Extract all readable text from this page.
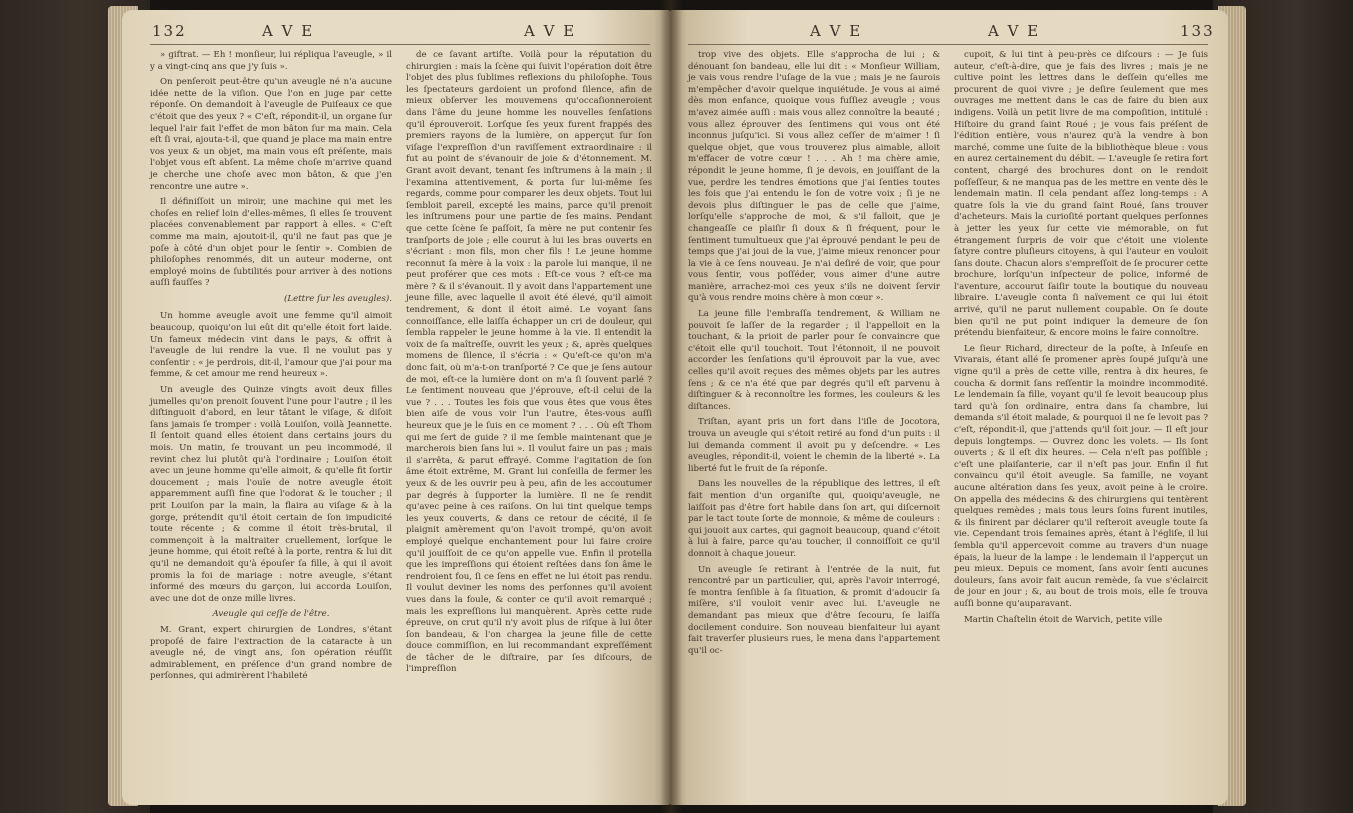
132	A V E	A V E

» giftrat. — Eh ! monſieur, lui répliqua l'aveugle, » il y a vingt-cinq ans que j'y ſuis ».

On penſeroit peut-être qu'un aveugle né n'a aucune idée nette de la viſion. Que l'on en juge par cette réponſe. On demandoit à l'aveugle de Puiſeaux ce que c'étoit que des yeux ? « C'eſt, répondit-il, un organe ſur lequel l'air fait l'effet de mon bâton ſur ma main. Cela eſt ſi vrai, ajouta-t-il, que quand je place ma main entre vos yeux & un objet, ma main vous eſt préſente, mais l'objet vous eſt abſent. La même choſe m'arrive quand je cherche une choſe avec mon bâton, & que j'en rencontre une autre ».

Il définiſſoit un miroir, une machine qui met les choſes en relief loin d'elles-mêmes, ſi elles ſe trouvent placées convenablement par rapport à elles. « C'eſt comme ma main, ajoutoit-il, qu'il ne faut pas que je poſe à côté d'un objet pour le ſentir ». Combien de philoſophes renommés, dit un auteur moderne, ont employé moins de ſubtilités pour arriver à des notions auſſi fauſſes ?

(Lettre ſur les aveugles).

Un homme aveugle avoit une femme qu'il aimoit beaucoup, quoiqu'on lui eût dit qu'elle étoit fort laide. Un fameux médecin vint dans le pays, & offrit à l'aveugle de lui rendre la vue. Il ne voulut pas y conſentir : « je perdrois, dit-il, l'amour que j'ai pour ma femme, & cet amour me rend heureux ».

Un aveugle des Quinze vingts avoit deux filles jumelles qu'on prenoit ſouvent l'une pour l'autre ; il les diſtinguoit d'abord, en leur tâtant le viſage, & diſoit ſans jamais ſe tromper : voilà Louiſon, voilà Jeannette. Il ſentoit quand elles étoient dans certains jours du mois. Un matin, ſe trouvant un peu incommodé, il revint chez lui plutôt qu'à l'ordinaire ; Louiſon étoit avec un jeune homme qu'elle aimoit, & qu'elle fit ſortir doucement ; mais l'ouïe de notre aveugle étoit apparemment auſſi fine que l'odorat & le toucher ; il prit Louiſon par la main, la flaira au viſage & à la gorge, prétendit qu'il étoit certain de ſon impudicité toute récente ; & comme il étoit très-brutal, il commençoit à la maltraiter cruellement, lorſque le jeune homme, qui étoit reſté à la porte, rentra & lui dit qu'il ne demandoit qu'à épouſer ſa fille, à qui il avoit promis la foi de mariage : notre aveugle, s'étant informé des mœurs du garçon, lui accorda Louiſon, avec une dot de onze mille livres.

Aveugle qui ceſſe de l'être.

M. Grant, expert chirurgien de Londres, s'étant propoſé de faire l'extraction de la cataracte à un aveugle né, de vingt ans, ſon opération réuſſit admirablement, en préſence d'un grand nombre de perſonnes, qui admirèrent l'habileté

de ce ſavant artiſte. Voilà pour la réputation du chirurgien : mais la ſcène qui ſuivit l'opération doit être l'objet des plus ſublimes reflexions du philoſophe. Tous les ſpectateurs gardoient un profond ſilence, afin de mieux obſerver les mouvemens qu'occaſionneroient dans l'âme du jeune homme les nouvelles ſenſations qu'il éprouveroit. Lorſque ſes yeux furent frappés des premiers rayons de la lumière, on apperçut ſur ſon viſage l'expreſſion d'un raviſſement extraordinaire : il fut au point de s'évanouir de joie & d'étonnement. M. Grant avoit devant, tenant ſes inſtrumens à la main ; il l'examina attentivement, & porta ſur lui-même ſes regards, comme pour comparer les deux objets. Tout lui ſembloit pareil, excepté les mains, parce qu'il prenoit les inſtrumens pour une partie de ſes mains. Pendant que cette ſcène ſe paſſoit, ſa mère ne put contenir ſes tranſports de joie ; elle courut à lui les bras ouverts en s'écriant : mon fils, mon cher fils ! Le jeune homme reconnut ſa mère à la voix : la parole lui manque, il ne peut proférer que ces mots : Eſt-ce vous ? eſt-ce ma mère ? & il s'évanouit. Il y avoit dans l'appartement une jeune fille, avec laquelle il avoit été élevé, qu'il aimoit tendrement, & dont il étoit aimé. Le voyant ſans connoiſſance, elle laiſſa échapper un cri de douleur, qui ſembla rappeler le jeune homme à la vie. Il entendit la voix de ſa maîtreſſe, ouvrit les yeux ; &, après quelques momens de ſilence, il s'écria : « Qu'eſt-ce qu'on m'a donc fait, où m'a-t-on tranſporté ? Ce que je ſens autour de moi, eſt-ce la lumière dont on m'a ſi ſouvent parlé ? Le ſentiment nouveau que j'éprouve, eſt-il celui de la vue ? . . . Toutes les fois que vous êtes que vous êtes bien aiſe de vous voir l'un l'autre, êtes-vous auſſi heureux que je le ſuis en ce moment ? . . . Où eſt Thom qui me ſert de guide ? il me ſemble maintenant que je marcherois bien ſans lui ». Il voulut faire un pas ; mais il s'arrêta, & parut effrayé. Comme l'agitation de ſon âme étoit extrême, M. Grant lui conſeilla de fermer les yeux & de les ouvrir peu à peu, afin de les accoutumer par degrés à ſupporter la lumière. Il ne ſe rendit qu'avec peine à ces raiſons. On lui tint quelque temps les yeux couverts, & dans ce retour de cécité, il ſe plaignit amèrement qu'on l'avoit trompé, qu'on avoit employé quelque enchantement pour lui faire croire qu'il jouiſſoit de ce qu'on appelle vue. Enfin il protella que les impreſſions qui étoient reſtées dans ſon âme le rendroient fou, ſi ce ſens en effet ne lui étoit pas rendu. Il voulut deviner les noms des perſonnes qu'il avoient vues dans la foule, & conter ce qu'il avoit remarqué ; mais les expreſſions lui manquèrent. Après cette rude épreuve, on crut qu'il n'y avoit plus de riſque à lui ôter ſon bandeau, & l'on chargea la jeune fille de cette douce commiſſion, en lui recommandant expreſſément de tâcher de le diſtraire, par ſes diſcours, de l'impreſſion

A V E	A V E	133

trop vive des objets. Elle s'approcha de lui ; & dénouant ſon bandeau, elle lui dit : « Monſieur William, je vais vous rendre l'uſage de la vue ; mais je ne ſaurois m'empêcher d'avoir quelque inquiétude. Je vous ai aimé dès mon enfance, quoique vous fuſſiez aveugle ; vous m'avez aimée auſſi : mais vous allez connoître la beauté ; vous allez éprouver des ſentimens qui vous ont été inconnus juſqu'ici. Si vous allez ceſſer de m'aimer ! ſi quelque objet, que vous trouverez plus aimable, alloit m'effacer de votre cœur ! . . . Ah ! ma chère amie, répondit le jeune homme, ſi je devois, en jouiſſant de la vue, perdre les tendres émotions que j'ai ſenties toutes les fois que j'ai entendu le ſon de votre voix ; ſi je ne devois plus diſtinguer le pas de celle que j'aime, lorſqu'elle s'approche de moi, & s'il falloit, que je changeaſſe ce plaiſir ſi doux & ſi fréquent, pour le ſentiment tumultueux que j'ai éprouvé pendant le peu de temps que j'ai joui de la vue, j'aime mieux renoncer pour la vie à ce ſens nouveau. Je n'ai deſiré de voir, que pour vous ſentir, vous poſſéder, vous aimer d'une autre manière, arrachez-moi ces yeux s'ils ne doivent ſervir qu'à vous rendre moins chère à mon cœur ».

La jeune fille l'embraſſa tendrement, & William ne pouvoit ſe laſſer de la regarder ; il l'appelloit en la touchant, & la prioit de parler pour ſe convaincre que c'étoit elle qu'il touchoit. Tout l'étonnoit, il ne pouvoit accorder les ſenſations qu'il éprouvoit par la vue, avec celles qu'il avoit reçues des mêmes objets par les autres ſens ; & ce n'a été que par degrés qu'il eſt parvenu à diſtinguer & à reconnoître les formes, les couleurs & les diſtances.

Triſtan, ayant pris un fort dans l'iſle de Jocotora, trouva un aveugle qui s'étoit retiré au fond d'un puits : il lui demanda comment il avoit pu y deſcendre. « Les aveugles, répondit-il, voient le chemin de la liberté ». La liberté fut le fruit de ſa réponſe.

Dans les nouvelles de la république des lettres, il eſt fait mention d'un organiſte qui, quoiqu'aveugle, ne laiſſoit pas d'être fort habile dans ſon art, qui diſcernoit par le tact toute ſorte de monnoie, & même de couleurs : qui jouoit aux cartes, qui gagnoit beaucoup, quand c'étoit à lui à faire, parce qu'au toucher, il connoiſſoit ce qu'il donnoit à chaque joueur.

Un aveugle ſe retirant à l'entrée de la nuit, fut rencontré par un particulier, qui, après l'avoir interrogé, ſe montra ſenſible à ſa ſituation, & promit d'adoucir ſa miſère, s'il vouloit venir avec lui. L'aveugle ne demandant pas mieux que d'être ſecouru, ſe laiſſa docilement conduire. Son nouveau bienfaiteur lui ayant fait traverſer plusieurs rues, le mena dans l'appartement qu'il oc-

cupoit, & lui tint à peu-près ce diſcours : — Je ſuis auteur, c'eſt-à-dire, que je fais des livres ; mais je ne cultive point les lettres dans le deſſein qu'elles me procurent de quoi vivre ; je deſire ſeulement que mes ouvrages me mettent dans le cas de faire du bien aux indigens. Voilà un petit livre de ma compoſition, intitulé : Hiſtoire du grand ſaint Roué ; je vous fais préſent de l'édition entière, vous n'aurez qu'à la vendre à bon marché, comme une ſuite de la bibliothèque bleue : vous en aurez certainement du débit. — L'aveugle ſe retira fort content, chargé des brochures dont on le rendoit poſſeſſeur, & ne manqua pas de les mettre en vente dès le lendemain matin. Il cela pendant aſſez long-temps : A quatre ſols la vie du grand ſaint Roué, ſans trouver d'acheteurs. Mais la curioſité portant quelques perſonnes à jetter les yeux ſur cette vie mémorable, on fut étrangement ſurpris de voir que c'étoit une violente ſatyre contre pluſieurs citoyens, à qui l'auteur en vouloit ſans doute. Chacun alors s'empreſſoit de ſe procurer cette brochure, lorſqu'un inſpecteur de police, informé de l'aventure, accourut ſaiſir toute la boutique du nouveau libraire. L'aveugle conta ſi naïvement ce qui lui étoit arrivé, qu'il ne parut nullement coupable. On ſe doute bien qu'il ne put point indiquer la demeure de ſon prétendu bienfaiteur, & encore moins le faire connoître.

Le ſieur Richard, directeur de la poſte, à Inſeuſe en Vivarais, étant allé ſe promener après ſoupé juſqu'à une vigne qu'il a près de cette ville, rentra à dix heures, ſe coucha & dormit ſans reſſentir la moindre incommodité. Le lendemain ſa fille, voyant qu'il ſe levoit beaucoup plus tard qu'à ſon ordinaire, entra dans ſa chambre, lui demanda s'il étoit malade, & pourquoi il ne ſe levoit pas ? c'eſt, répondit-il, que j'attends qu'il ſoit jour. — Il eſt jour depuis longtemps. — Ouvrez donc les volets. — Ils ſont ouverts ; & il eſt dix heures. — Cela n'eſt pas poſſible ; c'eſt une plaiſanterie, car il n'eſt pas jour. Enfin il fut convaincu qu'il étoit aveugle. Sa famille, ne voyant aucune altération dans ſes yeux, avoit peine à le croire. On appella des médecins & des chirurgiens qui tentèrent quelques remèdes ; mais tous leurs ſoins furent inutiles, & ils finirent par déclarer qu'il reſteroit aveugle toute ſa vie. Cependant trois ſemaines après, étant à l'égliſe, il lui ſembla qu'il appercevoit comme au travers d'un nuage épais, la lueur de la lampe : le lendemain il l'apperçut un peu mieux. Depuis ce moment, ſans avoir ſenti aucunes douleurs, ſans avoir fait aucun remède, ſa vue s'éclaircit de jour en jour ; &, au bout de trois mois, elle ſe trouva auſſi bonne qu'auparavant.

Martin Chaſtelin étoit de Warvich, petite ville
